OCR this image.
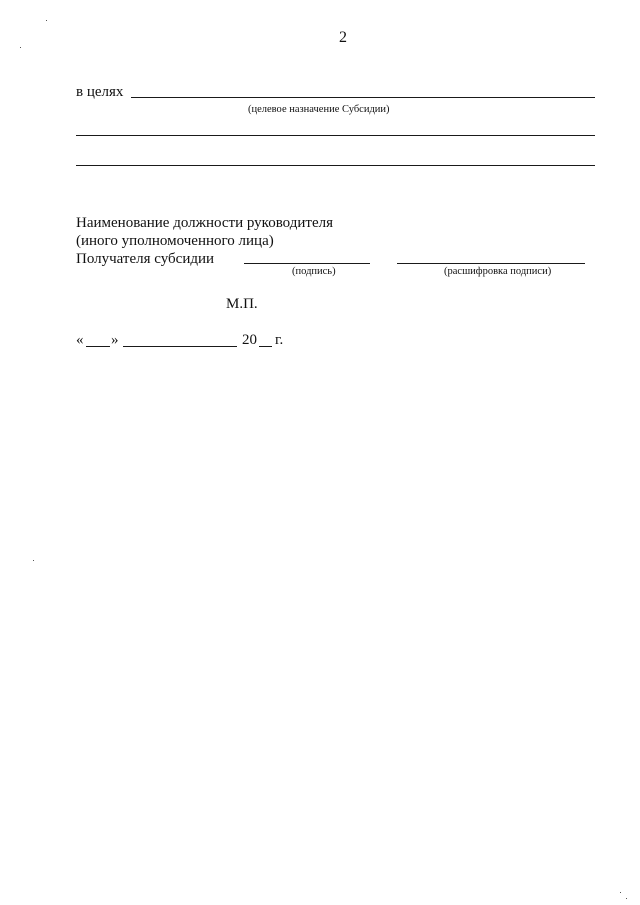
2
в целях
(целевое назначение Субсидии)
Наименование должности руководителя
(иного уполномоченного лица)
Получателя субсидии
(подпись)	(расшифровка подписи)
М.П.
« »	20 г.
